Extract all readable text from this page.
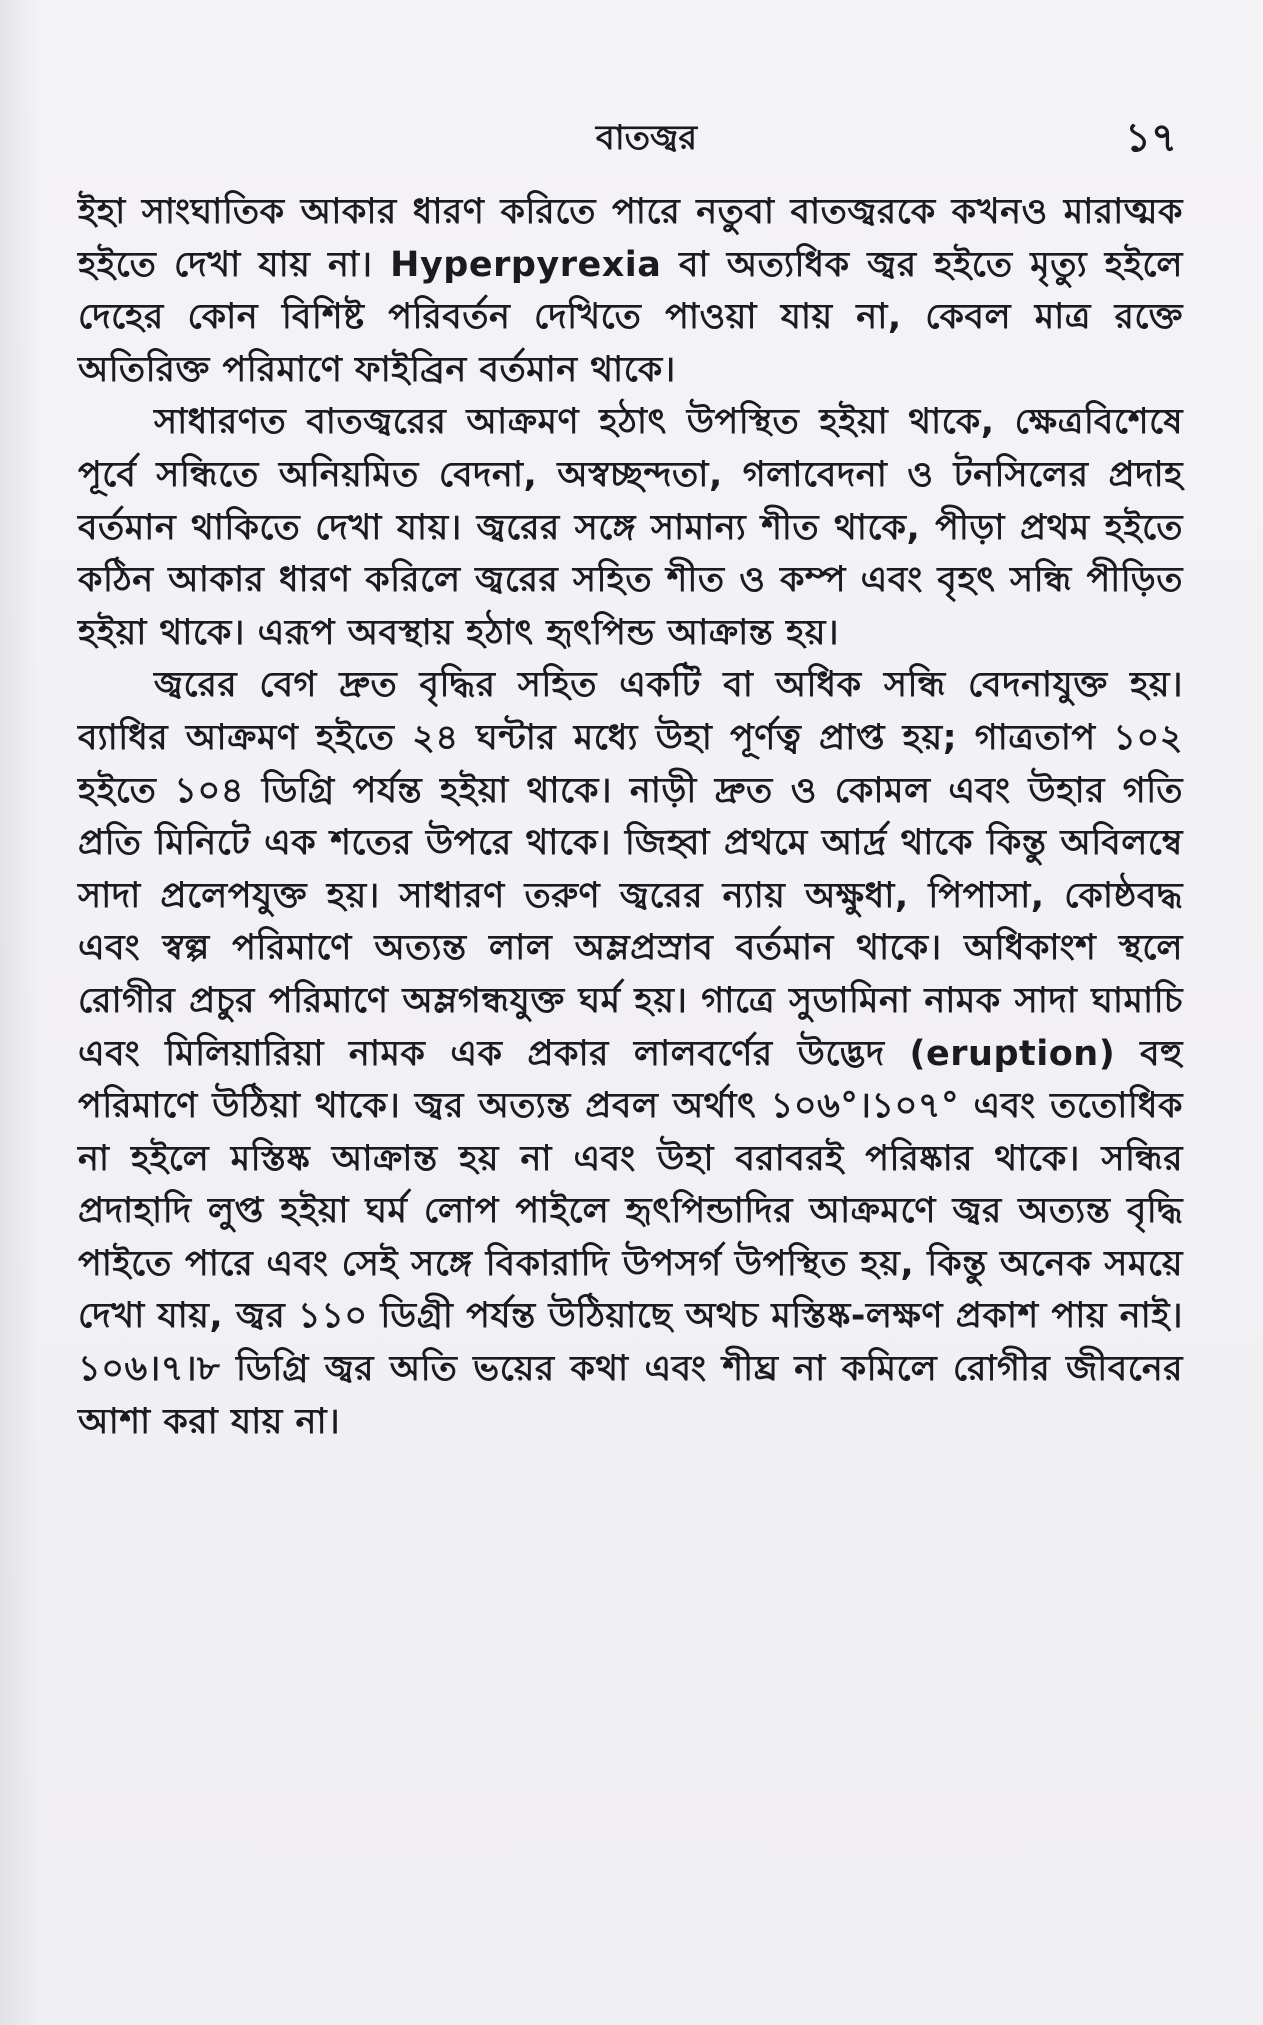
বাতজ্বর	১৭

ইহা সাংঘাতিক আকার ধারণ করিতে পারে নতুবা বাতজ্বরকে কখনও মারাত্মক হইতে দেখা যায় না। Hyperpyrexia বা অত্যধিক জ্বর হইতে মৃত্যু হইলে দেহের কোন বিশিষ্ট পরিবর্তন দেখিতে পাওয়া যায় না, কেবল মাত্র রক্তে অতিরিক্ত পরিমাণে ফাইব্রিন বর্তমান থাকে।

সাধারণত বাতজ্বরের আক্রমণ হঠাৎ উপস্থিত হইয়া থাকে, ক্ষেত্রবিশেষে পূর্বে সন্ধিতে অনিয়মিত বেদনা, অস্বচ্ছন্দতা, গলাবেদনা ও টনসিলের প্রদাহ বর্তমান থাকিতে দেখা যায়। জ্বরের সঙ্গে সামান্য শীত থাকে, পীড়া প্রথম হইতে কঠিন আকার ধারণ করিলে জ্বরের সহিত শীত ও কম্প এবং বৃহৎ সন্ধি পীড়িত হইয়া থাকে। এরূপ অবস্থায় হঠাৎ হৃৎপিন্ড আক্রান্ত হয়।

জ্বরের বেগ দ্রুত বৃদ্ধির সহিত একটি বা অধিক সন্ধি বেদনাযুক্ত হয়। ব্যাধির আক্রমণ হইতে ২৪ ঘন্টার মধ্যে উহা পূর্ণত্ব প্রাপ্ত হয়; গাত্রতাপ ১০২ হইতে ১০৪ ডিগ্রি পর্যন্ত হইয়া থাকে। নাড়ী দ্রুত ও কোমল এবং উহার গতি প্রতি মিনিটে এক শতের উপরে থাকে। জিহ্বা প্রথমে আর্দ্র থাকে কিন্তু অবিলম্বে সাদা প্রলেপযুক্ত হয়। সাধারণ তরুণ জ্বরের ন্যায় অক্ষুধা, পিপাসা, কোষ্ঠবদ্ধ এবং স্বল্প পরিমাণে অত্যন্ত লাল অম্লপ্রস্রাব বর্তমান থাকে। অধিকাংশ স্থলে রোগীর প্রচুর পরিমাণে অম্লগন্ধযুক্ত ঘর্ম হয়। গাত্রে সুডামিনা নামক সাদা ঘামাচি এবং মিলিয়ারিয়া নামক এক প্রকার লালবর্ণের উদ্ভেদ (eruption) বহু পরিমাণে উঠিয়া থাকে। জ্বর অত্যন্ত প্রবল অর্থাৎ ১০৬°।১০৭° এবং ততোধিক না হইলে মস্তিষ্ক আক্রান্ত হয় না এবং উহা বরাবরই পরিষ্কার থাকে। সন্ধির প্রদাহাদি লুপ্ত হইয়া ঘর্ম লোপ পাইলে হৃৎপিন্ডাদির আক্রমণে জ্বর অত্যন্ত বৃদ্ধি পাইতে পারে এবং সেই সঙ্গে বিকারাদি উপসর্গ উপস্থিত হয়, কিন্তু অনেক সময়ে দেখা যায়, জ্বর ১১০ ডিগ্রী পর্যন্ত উঠিয়াছে অথচ মস্তিষ্ক-লক্ষণ প্রকাশ পায় নাই। ১০৬।৭।৮ ডিগ্রি জ্বর অতি ভয়ের কথা এবং শীঘ্র না কমিলে রোগীর জীবনের আশা করা যায় না।
